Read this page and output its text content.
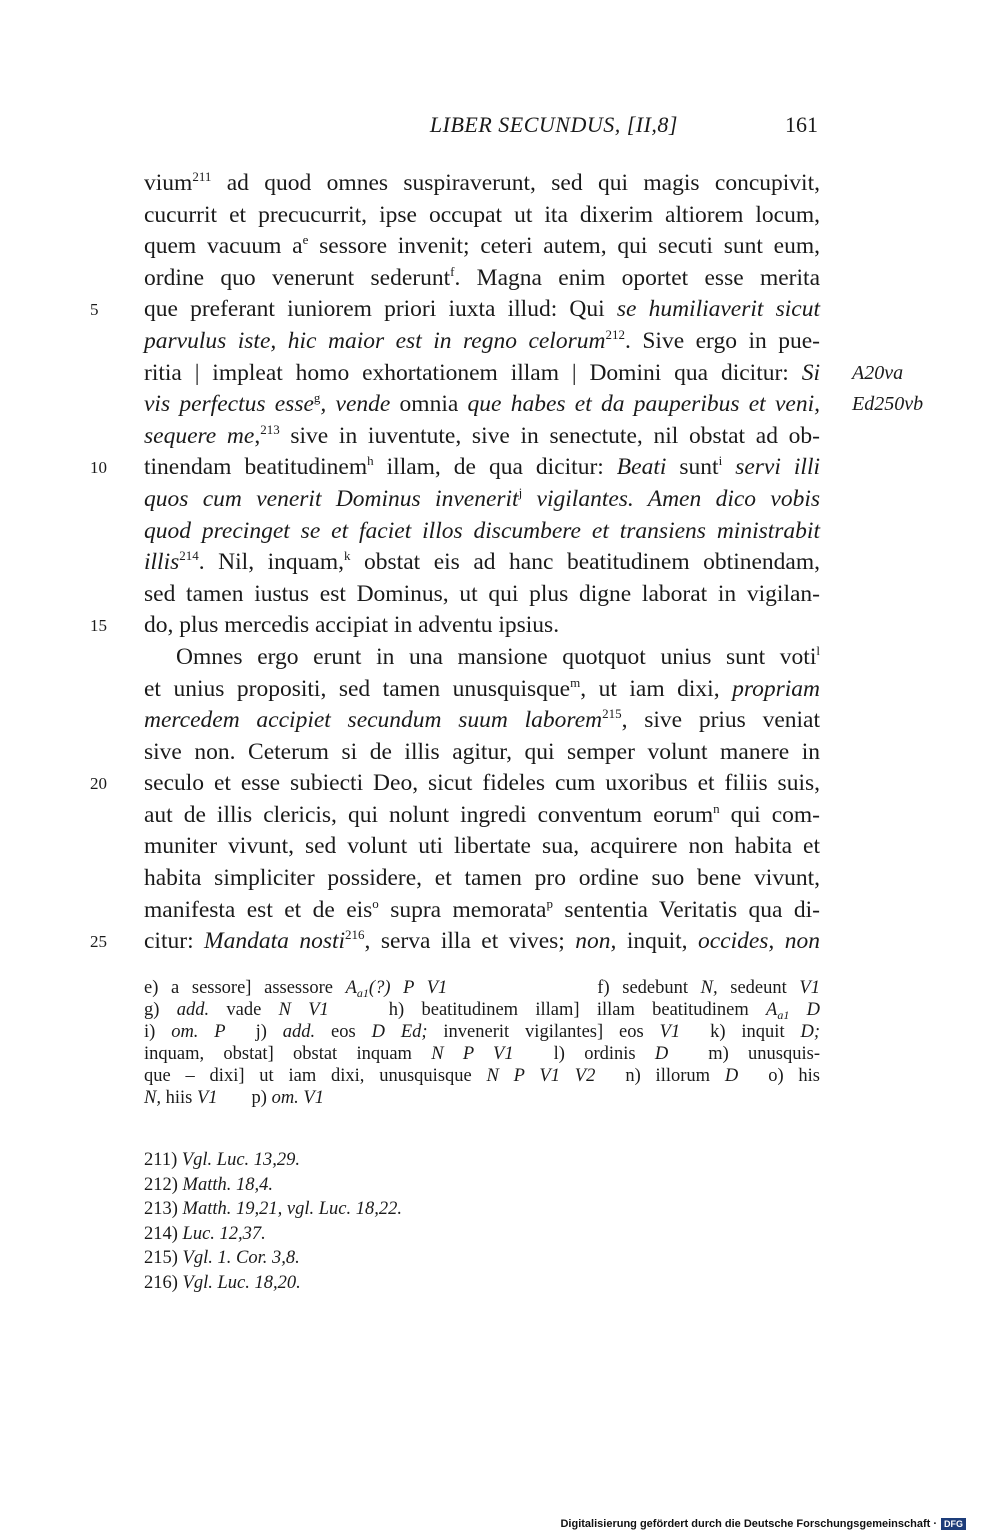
LIBER SECUNDUS, [II,8]	161
vium$^{211}$ ad quod omnes suspiraverunt, sed qui magis concupivit,
cucurrit et precucurrit, ipse occupat ut ita dixerim altiorem locum,
quem vacuum $a^e$ sessore invenit; ceteri autem, qui secuti sunt eum,
ordine quo venerunt sederunt$^f$. Magna enim oportet esse merita
5	que preferant iuniorem priori iuxta illud: Qui se humiliaverit sicut
parvulus iste, hic maior est in regno celorum$^{212}$. Sive ergo in pue-
ritia | impleat homo exhortationem illam | Domini qua dicitur: Si A20va
vis perfectus esse$^g$, vende omnia que habes et da pauperibus et veni, Ed250vb
sequere me,$^{213}$ sive in iuventute, sive in senectute, nil obstat ad ob-
10	tinendam beatitudinem$^h$ illam, de qua dicitur: Beati sunt$^i$ servi illi
quos cum venerit Dominus invenerit$^j$ vigilantes. Amen dico vobis
quod precinget se et faciet illos discumbere et transiens ministrabit
illis$^{214}$. Nil, inquam,$^k$ obstat eis ad hanc beatitudinem obtinendam,
sed tamen iustus est Dominus, ut qui plus digne laborat in vigilan-
15	do, plus mercedis accipiat in adventu ipsius.
Omnes ergo erunt in una mansione quotquot unius sunt voti$^l$
et unius propositi, sed tamen unusquisque$^m$, ut iam dixi, propriam
mercedem accipiet secundum suum laborem$^{215}$, sive prius veniat
sive non. Ceterum si de illis agitur, qui semper volunt manere in
20	seculo et esse subiecti Deo, sicut fideles cum uxoribus et filiis suis,
aut de illis clericis, qui nolunt ingredi conventum eorum$^n$ qui com-
muniter vivunt, sed volunt uti libertate sua, acquirere non habita et
habita simpliciter possidere, et tamen pro ordine suo bene vivunt,
manifesta est et de eis$^o$ supra memorata$^p$ sententia Veritatis qua di-
25	citur: Mandata nosti$^{216}$, serva illa et vives; non, inquit, occides, non
e) a sessore] assessore $A_{a1}(?)$ P V1	f) sedebunt N, sedeunt V1
g) add. vade N V1	h) beatitudinem illam] illam beatitudinem $A_{a1}$ D
i) om. P j) add. eos D Ed; invenerit vigilantes] eos V1 k) inquit D;
inquam, obstat] obstat inquam N P V1 l) ordinis D m) unusquis-
que – dixi] ut iam dixi, unusquisque N P V1 V2 n) illorum D o) his
N, hiis V1 p) om. V1
211) Vgl. Luc. 13,29.
212) Matth. 18,4.
213) Matth. 19,21, vgl. Luc. 18,22.
214) Luc. 12,37.
215) Vgl. 1. Cor. 3,8.
216) Vgl. Luc. 18,20.
Digitalisierung gefördert durch die Deutsche Forschungsgemeinschaft · DFG
